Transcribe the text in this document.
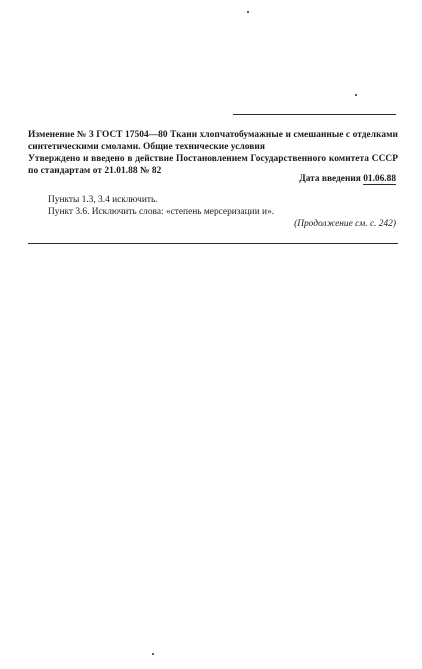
Изменение № 3 ГОСТ 17504—80 Ткани хлопчатобумажные и смешанные с отделками синтетическими смолами. Общие технические условия
Утверждено и введено в действие Постановлением Государственного комитета СССР по стандартам от 21.01.88 № 82
Дата введения 01.06.88
Пункты 1.3, 3.4 исключить.
Пункт 3.6. Исключить слова: «степень мерсеризации и».
(Продолжение см. с. 242)
